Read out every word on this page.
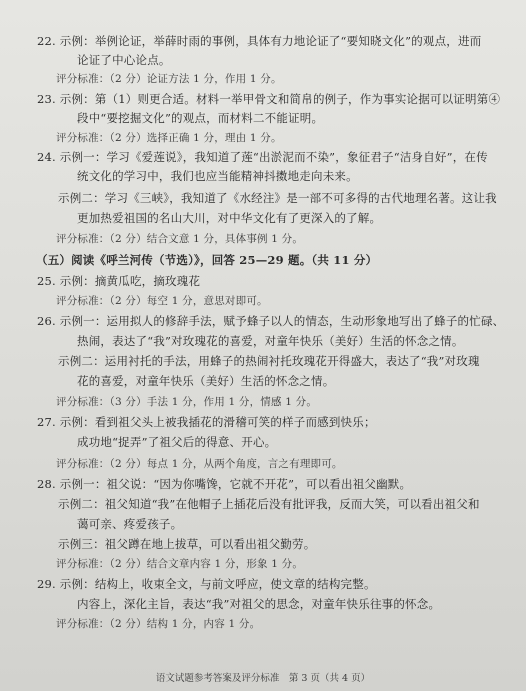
22. 示例：举例论证，举薛时雨的事例，具体有力地论证了“要知晓文化”的观点，进而
论证了中心论点。
评分标准：（2 分）论证方法 1 分，作用 1 分。
23. 示例：第（1）则更合适。材料一举甲骨文和简帛的例子，作为事实论据可以证明第④
段中“要挖掘文化”的观点，而材料二不能证明。
评分标准：（2 分）选择正确 1 分，理由 1 分。
24. 示例一：学习《爱莲说》，我知道了莲“出淤泥而不染”，象征君子“洁身自好”，在传
统文化的学习中，我们也应当能精神抖擞地走向未来。
示例二：学习《三峡》，我知道了《水经注》是一部不可多得的古代地理名著。这让我
更加热爱祖国的名山大川，对中华文化有了更深入的了解。
评分标准：（2 分）结合文意 1 分，具体事例 1 分。
（五）阅读《呼兰河传（节选）》，回答 25—29 题。（共 11 分）
25. 示例：摘黄瓜吃，摘玫瑰花
评分标准：（2 分）每空 1 分，意思对即可。
26. 示例一：运用拟人的修辞手法，赋予蜂子以人的情态，生动形象地写出了蜂子的忙碌、
热闹，表达了“我”对玫瑰花的喜爱，对童年快乐（美好）生活的怀念之情。
示例二：运用衬托的手法，用蜂子的热闹衬托玫瑰花开得盛大，表达了“我”对玫瑰
花的喜爱，对童年快乐（美好）生活的怀念之情。
评分标准：（3 分）手法 1 分，作用 1 分，情感 1 分。
27. 示例：看到祖父头上被我插花的滑稽可笑的样子而感到快乐；
成功地“捉弄”了祖父后的得意、开心。
评分标准：（2 分）每点 1 分，从两个角度，言之有理即可。
28. 示例一：祖父说：“因为你嘴馋，它就不开花”，可以看出祖父幽默。
示例二：祖父知道“我”在他帽子上插花后没有批评我，反而大笑，可以看出祖父和
蔼可亲、疼爱孩子。
示例三：祖父蹲在地上拔草，可以看出祖父勤劳。
评分标准：（2 分）结合文章内容 1 分，形象 1 分。
29. 示例：结构上，收束全文，与前文呼应，使文章的结构完整。
内容上，深化主旨，表达“我”对祖父的思念，对童年快乐往事的怀念。
评分标准：（2 分）结构 1 分，内容 1 分。
语文试题参考答案及评分标准　第 3 页（共 4 页）
